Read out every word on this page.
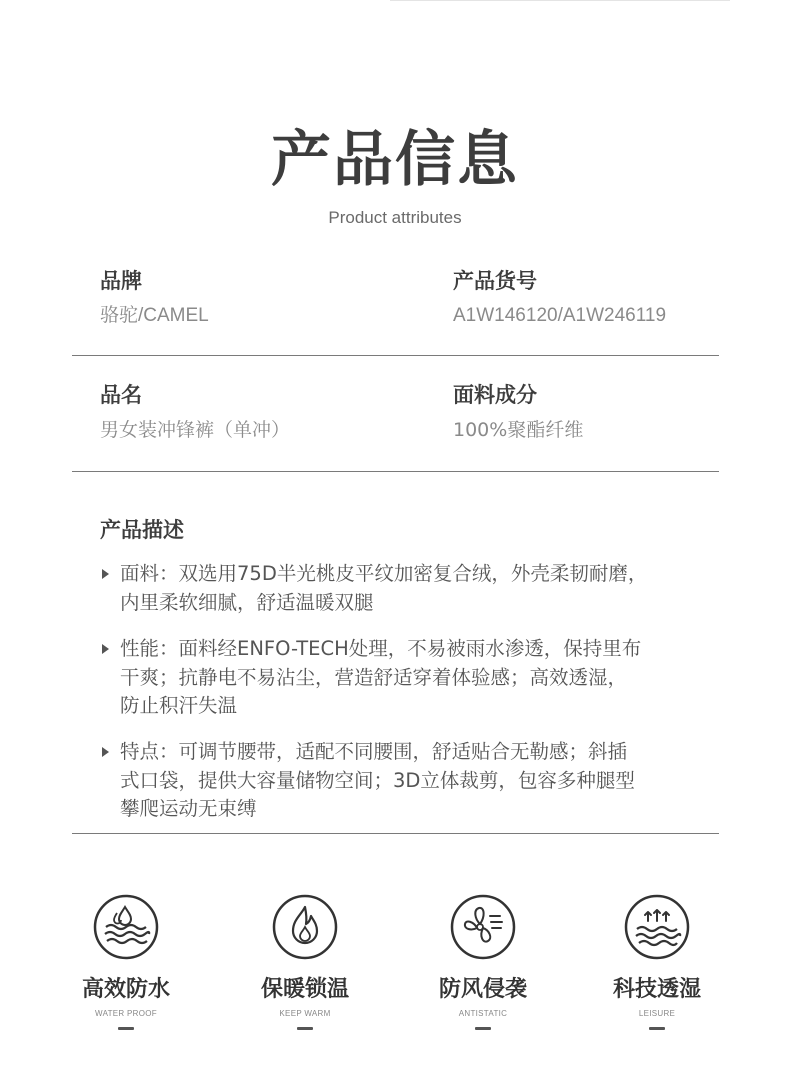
产品信息
Product attributes
品牌
骆驼/CAMEL
产品货号
A1W146120/A1W246119
品名
男女装冲锋裤（单冲）
面料成分
100%聚酯纤维
产品描述
面料：双选用75D半光桃皮平纹加密复合绒，外壳柔韧耐磨，
内里柔软细腻，舒适温暖双腿
性能：面料经ENFO-TECH处理，不易被雨水渗透，保持里布
干爽；抗静电不易沾尘，营造舒适穿着体验感；高效透湿，
防止积汗失温
特点：可调节腰带，适配不同腰围，舒适贴合无勒感；斜插
式口袋，提供大容量储物空间；3D立体裁剪，包容多种腿型
攀爬运动无束缚
高效防水
WATER PROOF
保暖锁温
KEEP WARM
防风侵袭
ANTISTATIC
科技透湿
LEISURE
